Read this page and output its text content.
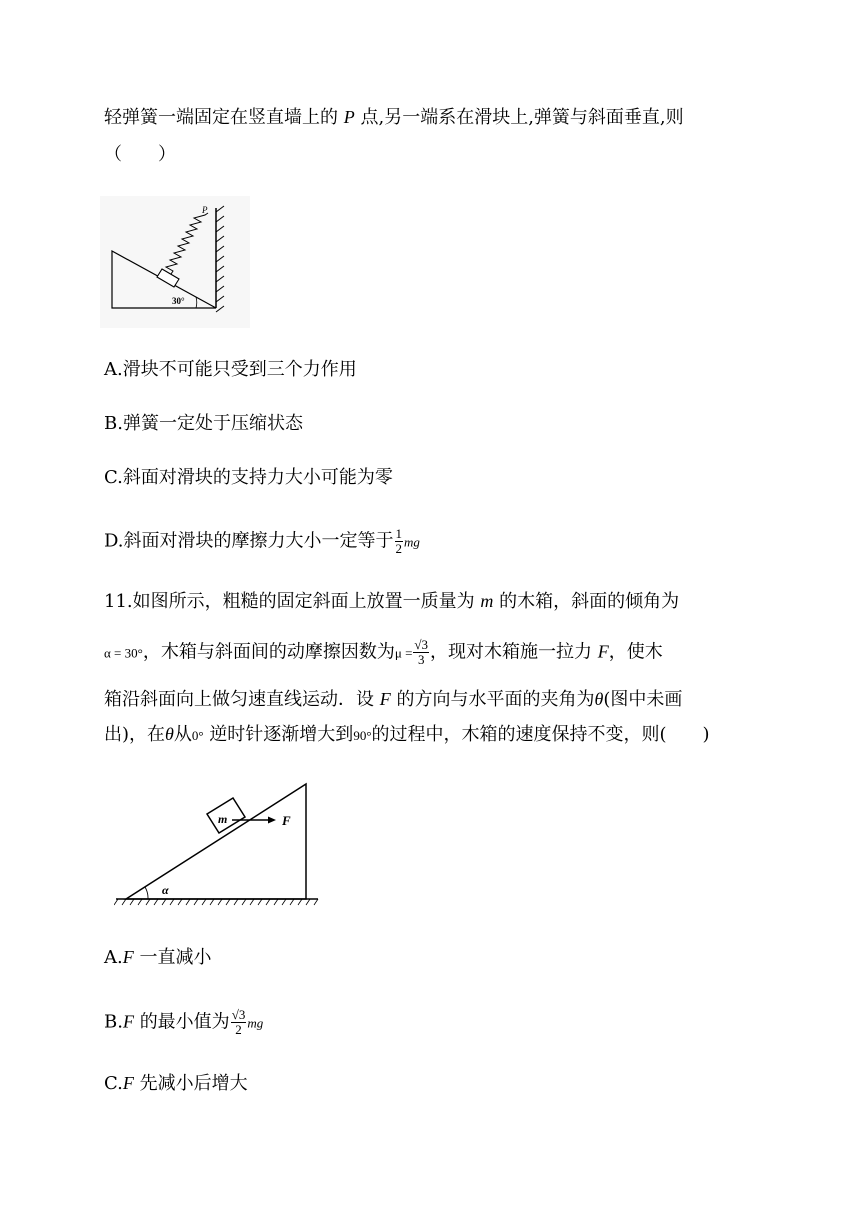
轻弹簧一端固定在竖直墙上的 P 点,另一端系在滑块上,弹簧与斜面垂直,则
（　　）
P
30°
A.滑块不可能只受到三个力作用
B.弹簧一定处于压缩状态
C.斜面对滑块的支持力大小可能为零
D.斜面对滑块的摩擦力大小一定等于 $\frac{1}{2}$ mg
11.如图所示，粗糙的固定斜面上放置一质量为 m 的木箱，斜面的倾角为
α = 30°，木箱与斜面间的动摩擦因数为$\mu = \frac{√3}{3}$ ，现对木箱施一拉力 F，使木
箱沿斜面向上做匀速直线运动．设 F 的方向与水平面的夹角为θ(图中未画
出)，在θ从0° 逆时针逐渐增大到90°的过程中，木箱的速度保持不变，则(　　)
m	F
α
A.F 一直减小
B.F 的最小值为 $\frac{√3}{2}$ mg
C.F 先减小后增大
